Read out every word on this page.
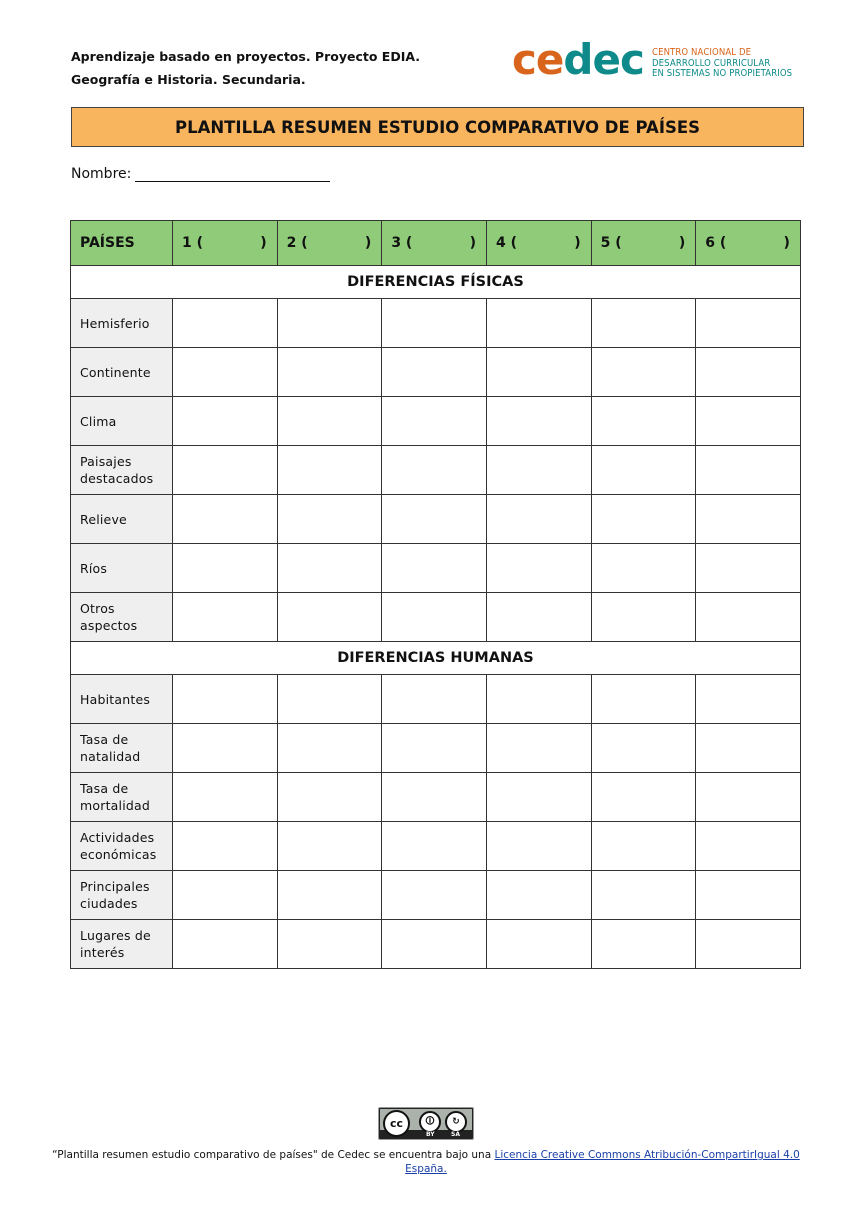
Aprendizaje basado en proyectos. Proyecto EDIA.
Geografía e Historia. Secundaria.	cedec CENTRO NACIONAL DE
DESARROLLO CURRICULAR
EN SISTEMAS NO PROPIETARIOS
PLANTILLA RESUMEN ESTUDIO COMPARATIVO DE PAÍSES
Nombre:
PAÍSES	1 ( )	2 ( )	3 ( )	4 ( )	5 ( )	6 ( )

DIFERENCIAS FÍSICAS						
Hemisferio						
Continente						
Clima						
Paisajes destacados						
Relieve						
Ríos						
Otros aspectos						
DIFERENCIAS HUMANAS						
Habitantes						
Tasa de natalidad						
Tasa de mortalidad						
Actividades económicas						
Principales ciudades						
Lugares de interés						
cc	🛈	↻
BY	SA
“Plantilla resumen estudio comparativo de países" de Cedec se encuentra bajo una Licencia Creative Commons Atribución-CompartirIgual 4.0
España.
